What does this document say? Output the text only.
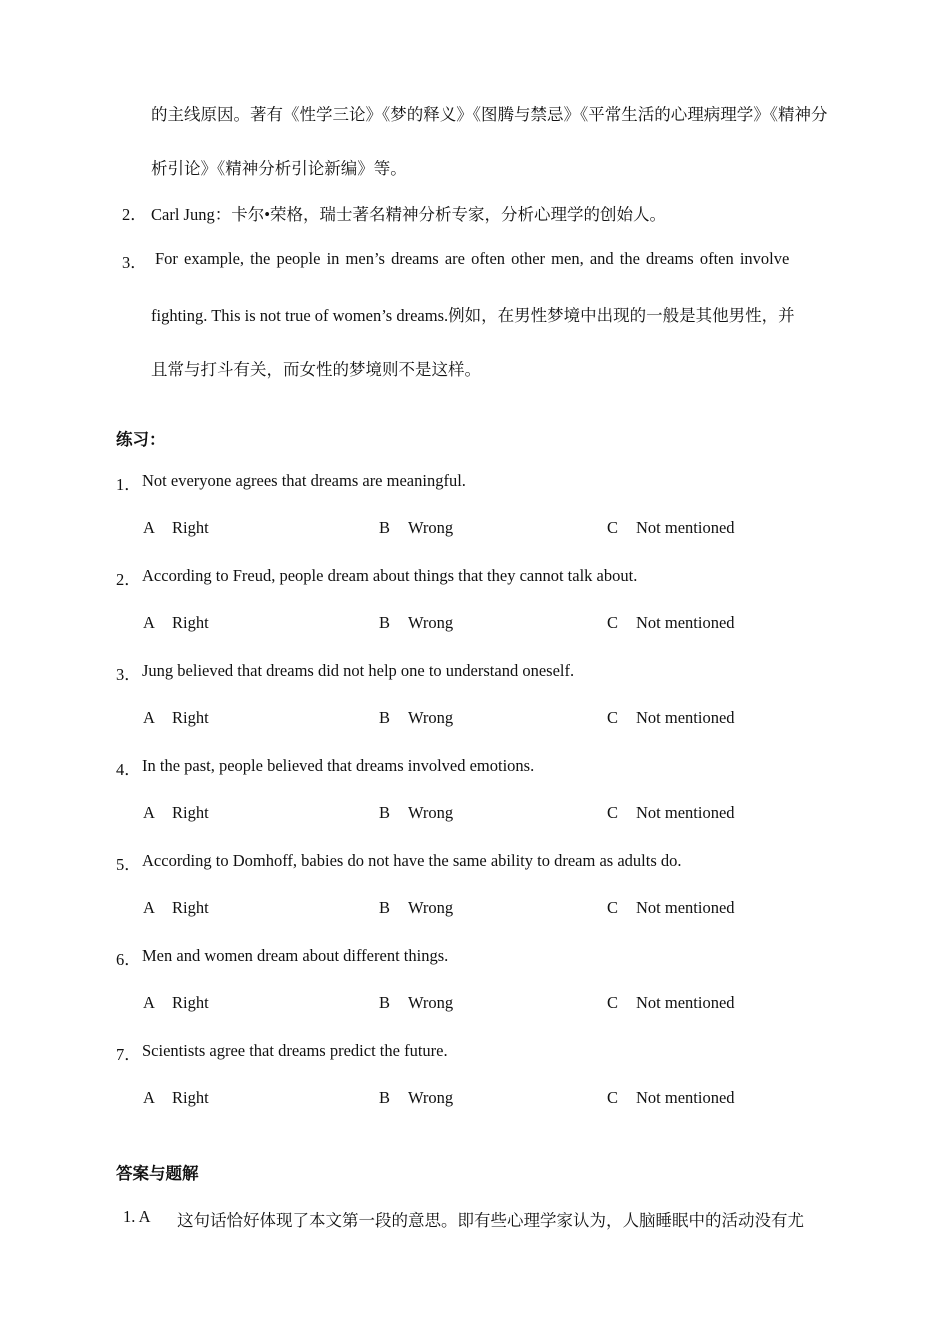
的主线原因。著有《性学三论》《梦的释义》《图腾与禁忌》《平常生活的心理病理学》《精神分
析引论》《精神分析引论新编》等。
2． Carl Jung：卡尔•荣格，瑞士著名精神分析专家，分析心理学的创始人。
3． For example, the people in men’s dreams are often other men, and the dreams often involve
fighting. This is not true of women’s dreams.例如，在男性梦境中出现的一般是其他男性，并
且常与打斗有关，而女性的梦境则不是这样。
练习：
1． Not everyone agrees that dreams are meaningful.
A Right	B Wrong	C Not mentioned
2． According to Freud, people dream about things that they cannot talk about.
A Right	B Wrong	C Not mentioned
3． Jung believed that dreams did not help one to understand oneself.
A Right	B Wrong	C Not mentioned
4． In the past, people believed that dreams involved emotions.
A Right	B Wrong	C Not mentioned
5． According to Domhoff, babies do not have the same ability to dream as adults do.
A Right	B Wrong	C Not mentioned
6． Men and women dream about different things.
A Right	B Wrong	C Not mentioned
7． Scientists agree that dreams predict the future.
A Right	B Wrong	C Not mentioned
答案与题解
1. A 这句话恰好体现了本文第一段的意思。即有些心理学家认为，人脑睡眠中的活动没有尤
